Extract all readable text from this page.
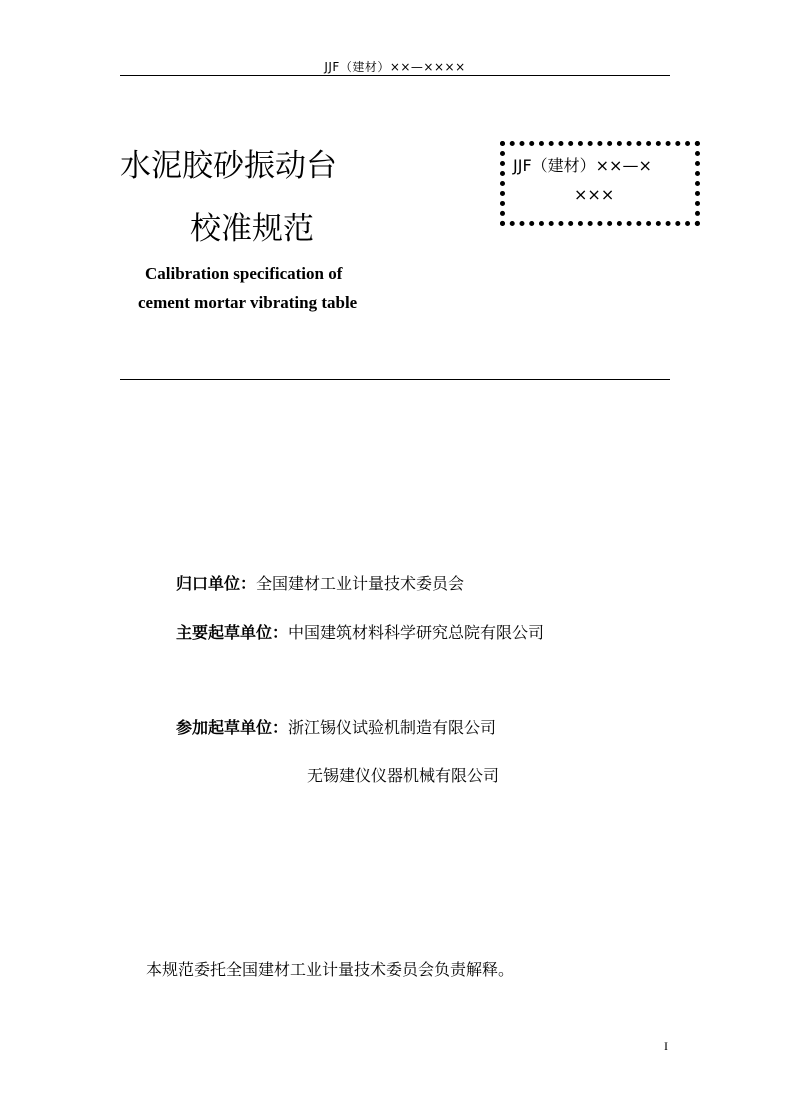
JJF（建材）××—××××
水泥胶砂振动台
校准规范
Calibration specification of
cement mortar vibrating table
JJF（建材）××—×
×××
归口单位：全国建材工业计量技术委员会
主要起草单位：中国建筑材料科学研究总院有限公司
参加起草单位：浙江锡仪试验机制造有限公司
无锡建仪仪器机械有限公司
本规范委托全国建材工业计量技术委员会负责解释。
I
